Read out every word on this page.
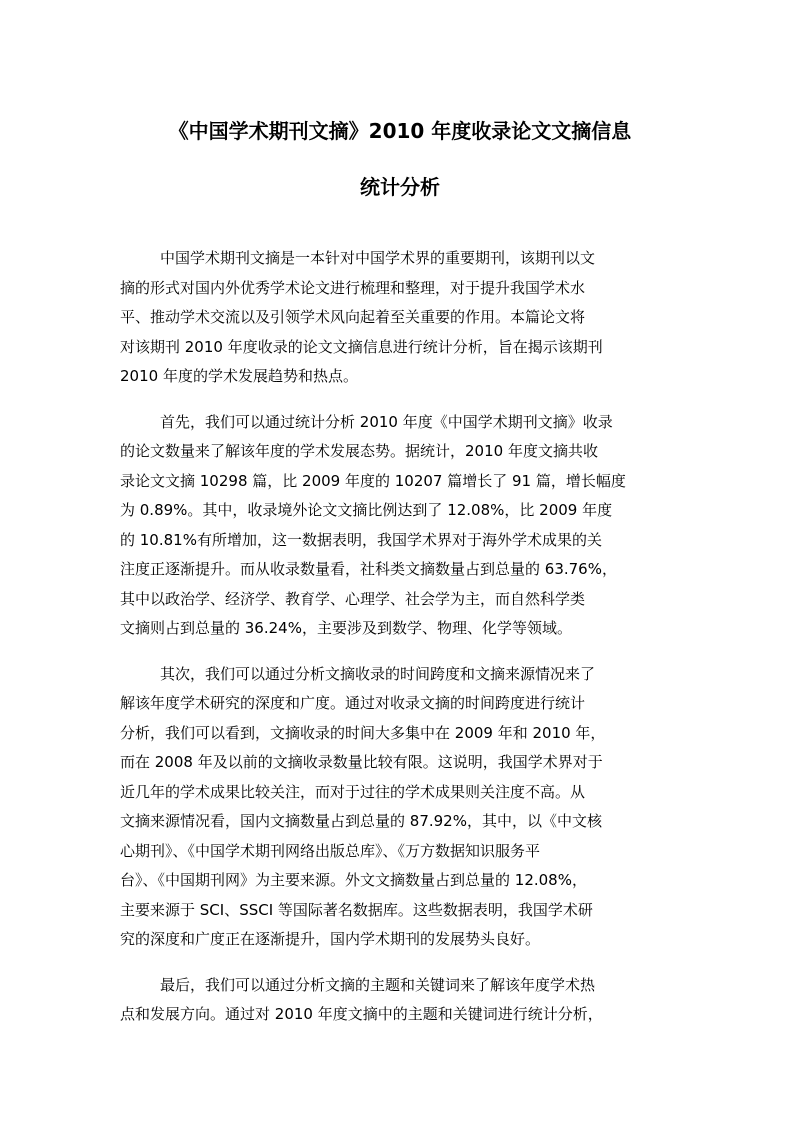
《中国学术期刊文摘》2010 年度收录论文文摘信息
统计分析

中国学术期刊文摘是一本针对中国学术界的重要期刊，该期刊以文
摘的形式对国内外优秀学术论文进行梳理和整理，对于提升我国学术水
平、推动学术交流以及引领学术风向起着至关重要的作用。本篇论文将
对该期刊 2010 年度收录的论文文摘信息进行统计分析，旨在揭示该期刊
2010 年度的学术发展趋势和热点。

首先，我们可以通过统计分析 2010 年度《中国学术期刊文摘》收录
的论文数量来了解该年度的学术发展态势。据统计，2010 年度文摘共收
录论文文摘 10298 篇，比 2009 年度的 10207 篇增长了 91 篇，增长幅度
为 0.89%。其中，收录境外论文文摘比例达到了 12.08%，比 2009 年度
的 10.81%有所增加，这一数据表明，我国学术界对于海外学术成果的关
注度正逐渐提升。而从收录数量看，社科类文摘数量占到总量的 63.76%，
其中以政治学、经济学、教育学、心理学、社会学为主，而自然科学类
文摘则占到总量的 36.24%，主要涉及到数学、物理、化学等领域。

其次，我们可以通过分析文摘收录的时间跨度和文摘来源情况来了
解该年度学术研究的深度和广度。通过对收录文摘的时间跨度进行统计
分析，我们可以看到，文摘收录的时间大多集中在 2009 年和 2010 年，
而在 2008 年及以前的文摘收录数量比较有限。这说明，我国学术界对于
近几年的学术成果比较关注，而对于过往的学术成果则关注度不高。从
文摘来源情况看，国内文摘数量占到总量的 87.92%，其中，以《中文核
心期刊》、《中国学术期刊网络出版总库》、《万方数据知识服务平
台》、《中国期刊网》为主要来源。外文文摘数量占到总量的 12.08%，
主要来源于 SCI、SSCI 等国际著名数据库。这些数据表明，我国学术研
究的深度和广度正在逐渐提升，国内学术期刊的发展势头良好。

最后，我们可以通过分析文摘的主题和关键词来了解该年度学术热
点和发展方向。通过对 2010 年度文摘中的主题和关键词进行统计分析，
